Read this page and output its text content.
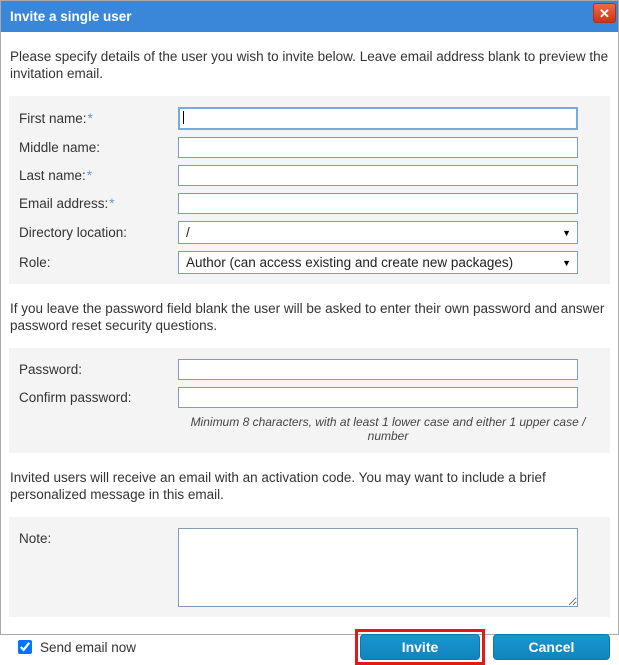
Invite a single user	✕

Please specify details of the user you wish to invite below. Leave email address blank to preview the invitation email.

First name:*
Middle name:
Last name:*
Email address:*
Directory location:	/	▼
Role:	Author (can access existing and create new packages)	▼

If you leave the password field blank the user will be asked to enter their own password and answer password reset security questions.

Password:
Confirm password:
Minimum 8 characters, with at least 1 lower case and either 1 upper case / number

Invited users will receive an email with an activation code. You may want to include a brief personalized message in this email.

Note:
Send email now	Invite	Cancel
